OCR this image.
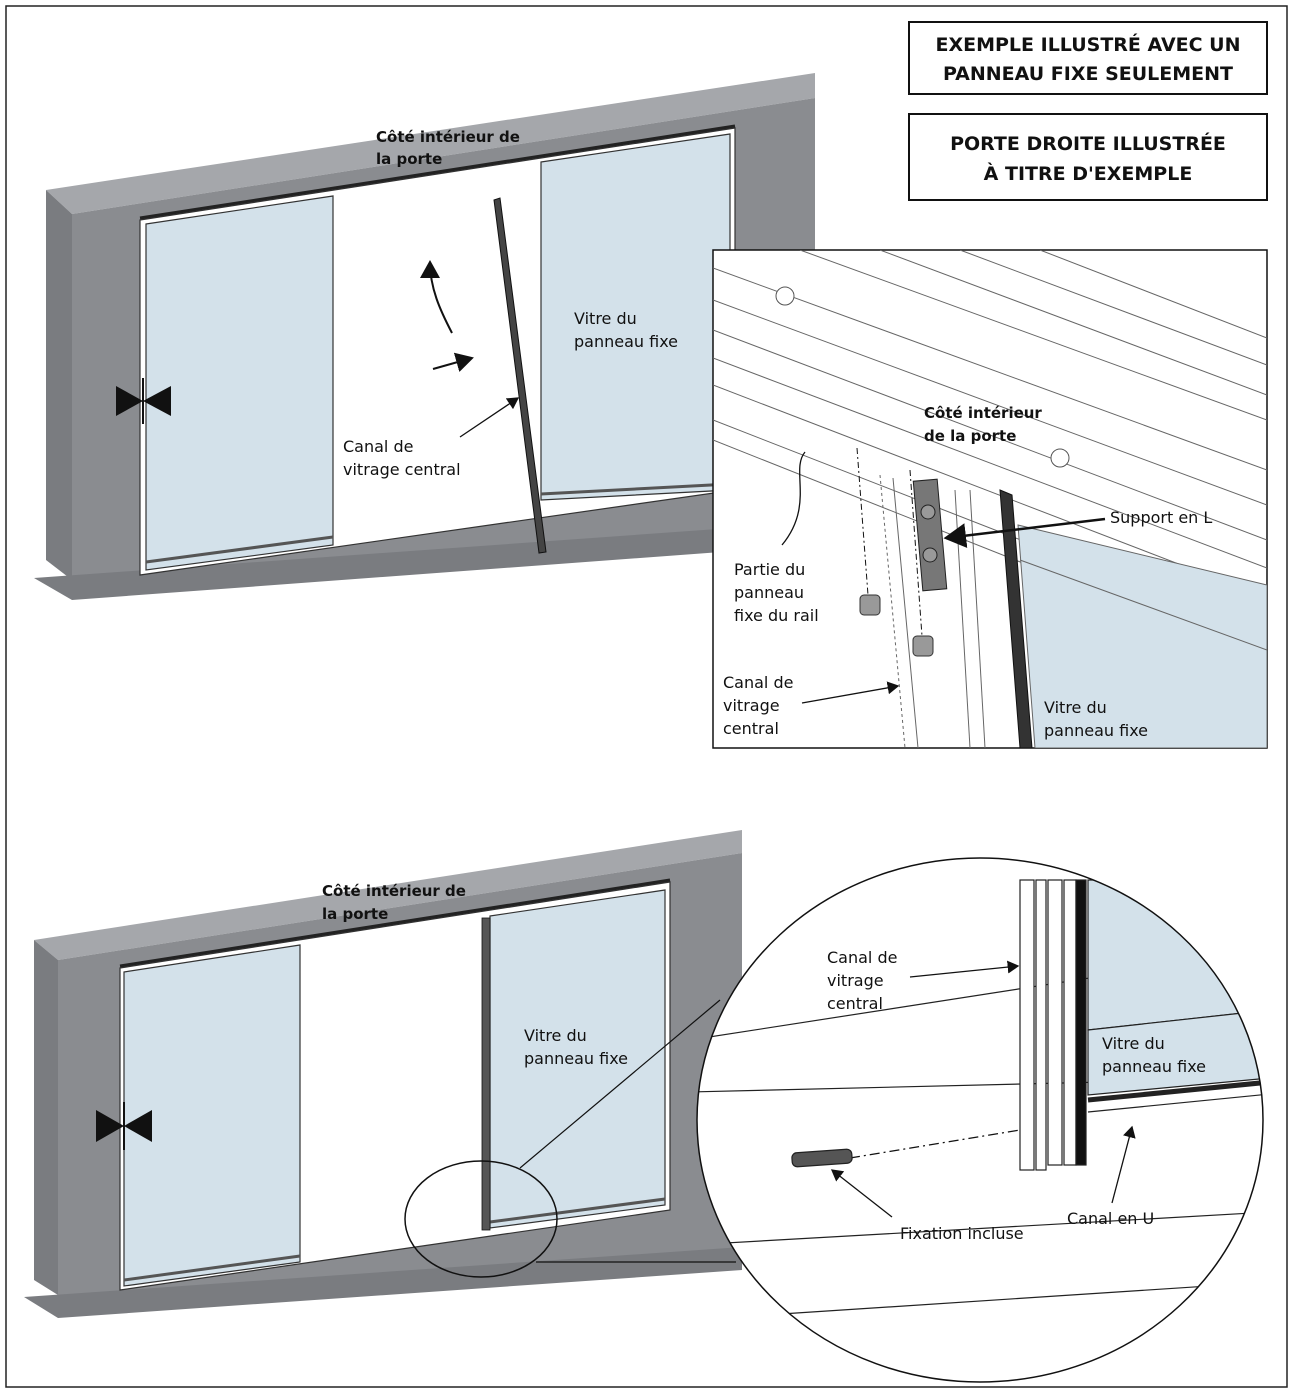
Côté intérieur de la porte
Vitre du panneau fixe
Canal de vitrage central
EXEMPLE ILLUSTRÉ AVEC UN PANNEAU FIXE SEULEMENT
PORTE DROITE ILLUSTRÉE À TITRE D'EXEMPLE
Côté intérieur de la porte
Support en L
Partie du panneau fixe du rail
Canal de vitrage central
Vitre du panneau fixe
Côté intérieur de la porte
Vitre du panneau fixe
Canal de vitrage central
Vitre du panneau fixe
Fixation incluse
Canal en U
